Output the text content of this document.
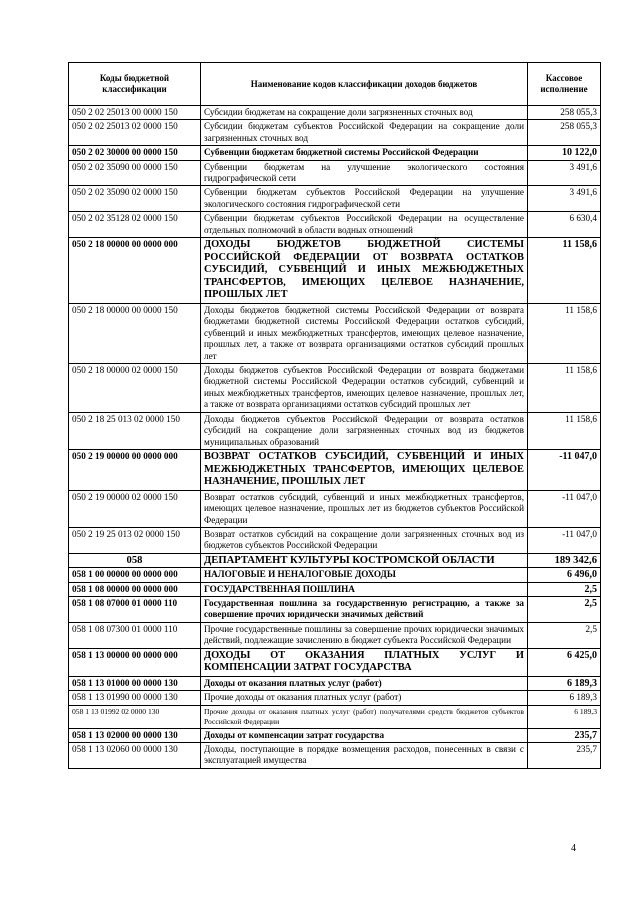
Коды бюджетной классификации	Наименование кодов классификации доходов бюджетов	Кассовое исполнение
050 2 02 25013 00 0000 150	Субсидии бюджетам на сокращение доли загрязненных сточных вод	258 055,3
050 2 02 25013 02 0000 150	Субсидии бюджетам субъектов Российской Федерации на сокращение доли загрязненных сточных вод	258 055,3
050 2 02 30000 00 0000 150	Субвенции бюджетам бюджетной системы Российской Федерации	10 122,0
050 2 02 35090 00 0000 150	Субвенции бюджетам на улучшение экологического состояния гидрографической сети	3 491,6
050 2 02 35090 02 0000 150	Субвенции бюджетам субъектов Российской Федерации на улучшение экологического состояния гидрографической сети	3 491,6
050 2 02 35128 02 0000 150	Субвенции бюджетам субъектов Российской Федерации на осуществление отдельных полномочий в области водных отношений	6 630,4
050 2 18 00000 00 0000 000	ДОХОДЫ БЮДЖЕТОВ БЮДЖЕТНОЙ СИСТЕМЫ РОССИЙСКОЙ ФЕДЕРАЦИИ ОТ ВОЗВРАТА ОСТАТКОВ СУБСИДИЙ, СУБВЕНЦИЙ И ИНЫХ МЕЖБЮДЖЕТНЫХ ТРАНСФЕРТОВ, ИМЕЮЩИХ ЦЕЛЕВОЕ НАЗНАЧЕНИЕ, ПРОШЛЫХ ЛЕТ	11 158,6
050 2 18 00000 00 0000 150	Доходы бюджетов бюджетной системы Российской Федерации от возврата бюджетами бюджетной системы Российской Федерации остатков субсидий, субвенций и иных межбюджетных трансфертов, имеющих целевое назначение, прошлых лет, а также от возврата организациями остатков субсидий прошлых лет	11 158,6
050 2 18 00000 02 0000 150	Доходы бюджетов субъектов Российской Федерации от возврата бюджетами бюджетной системы Российской Федерации остатков субсидий, субвенций и иных межбюджетных трансфертов, имеющих целевое назначение, прошлых лет, а также от возврата организациями остатков субсидий прошлых лет	11 158,6
050 2 18 25 013 02 0000 150	Доходы бюджетов субъектов Российской Федерации от возврата остатков субсидий на сокращение доли загрязненных сточных вод из бюджетов муниципальных образований	11 158,6
050 2 19 00000 00 0000 000	ВОЗВРАТ ОСТАТКОВ СУБСИДИЙ, СУБВЕНЦИЙ И ИНЫХ МЕЖБЮДЖЕТНЫХ ТРАНСФЕРТОВ, ИМЕЮЩИХ ЦЕЛЕВОЕ НАЗНАЧЕНИЕ, ПРОШЛЫХ ЛЕТ	-11 047,0
050 2 19 00000 02 0000 150	Возврат остатков субсидий, субвенций и иных межбюджетных трансфертов, имеющих целевое назначение, прошлых лет из бюджетов субъектов Российской Федерации	-11 047,0
050 2 19 25 013 02 0000 150	Возврат остатков субсидий на сокращение доли загрязненных сточных вод из бюджетов субъектов Российской Федерации	-11 047,0
058	ДЕПАРТАМЕНТ КУЛЬТУРЫ КОСТРОМСКОЙ ОБЛАСТИ	189 342,6
058 1 00 00000 00 0000 000	НАЛОГОВЫЕ И НЕНАЛОГОВЫЕ ДОХОДЫ	6 496,0
058 1 08 00000 00 0000 000	ГОСУДАРСТВЕННАЯ ПОШЛИНА	2,5
058 1 08 07000 01 0000 110	Государственная пошлина за государственную регистрацию, а также за совершение прочих юридически значимых действий	2,5
058 1 08 07300 01 0000 110	Прочие государственные пошлины за совершение прочих юридически значимых действий, подлежащие зачислению в бюджет субъекта Российской Федерации	2,5
058 1 13 00000 00 0000 000	ДОХОДЫ ОТ ОКАЗАНИЯ ПЛАТНЫХ УСЛУГ И КОМПЕНСАЦИИ ЗАТРАТ ГОСУДАРСТВА	6 425,0
058 1 13 01000 00 0000 130	Доходы от оказания платных услуг (работ)	6 189,3
058 1 13 01990 00 0000 130	Прочие доходы от оказания платных услуг (работ)	6 189,3
058 1 13 01992 02 0000 130	Прочие доходы от оказания платных услуг (работ) получателями средств бюджетов субъектов Российской Федерации	6 189,3
058 1 13 02000 00 0000 130	Доходы от компенсации затрат государства	235,7
058 1 13 02060 00 0000 130	Доходы, поступающие в порядке возмещения расходов, понесенных в связи с эксплуатацией имущества	235,7
4
